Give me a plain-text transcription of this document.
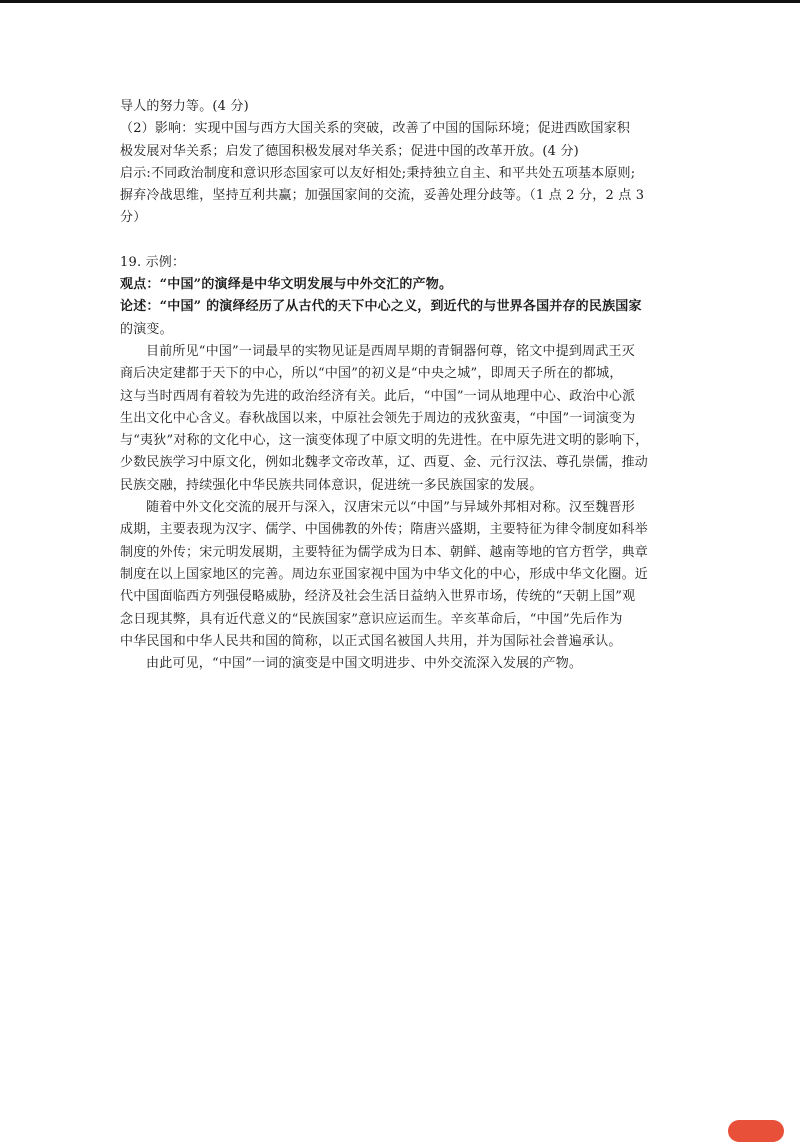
导人的努力等。(4 分)
（2）影响：实现中国与西方大国关系的突破，改善了中国的国际环境；促进西欧国家积
极发展对华关系；启发了德国积极发展对华关系；促进中国的改革开放。(4 分)
启示:不同政治制度和意识形态国家可以友好相处;秉持独立自主、和平共处五项基本原则;
摒弃冷战思维，坚持互利共赢；加强国家间的交流，妥善处理分歧等。（1 点 2 分，2 点 3
分）
19. 示例：
观点：“中国”的演绎是中华文明发展与中外交汇的产物。
论述：“中国” 的演绎经历了从古代的天下中心之义，到近代的与世界各国并存的民族国家
的演变。
目前所见“中国”一词最早的实物见证是西周早期的青铜器何尊，铭文中提到周武王灭
商后决定建都于天下的中心，所以“中国”的初义是“中央之城”，即周天子所在的都城，
这与当时西周有着较为先进的政治经济有关。此后，“中国”一词从地理中心、政治中心派
生出文化中心含义。春秋战国以来，中原社会领先于周边的戎狄蛮夷，“中国”一词演变为
与“夷狄”对称的文化中心，这一演变体现了中原文明的先进性。在中原先进文明的影响下，
少数民族学习中原文化，例如北魏孝文帝改革，辽、西夏、金、元行汉法、尊孔崇儒，推动
民族交融，持续强化中华民族共同体意识，促进统一多民族国家的发展。
随着中外文化交流的展开与深入，汉唐宋元以“中国”与异域外邦相对称。汉至魏晋形
成期，主要表现为汉字、儒学、中国佛教的外传；隋唐兴盛期，主要特征为律令制度如科举
制度的外传；宋元明发展期，主要特征为儒学成为日本、朝鲜、越南等地的官方哲学，典章
制度在以上国家地区的完善。周边东亚国家视中国为中华文化的中心，形成中华文化圈。近
代中国面临西方列强侵略威胁，经济及社会生活日益纳入世界市场，传统的“天朝上国”观
念日现其弊，具有近代意义的“民族国家”意识应运而生。辛亥革命后，“中国”先后作为
中华民国和中华人民共和国的简称，以正式国名被国人共用，并为国际社会普遍承认。
由此可见，“中国”一词的演变是中国文明进步、中外交流深入发展的产物。
